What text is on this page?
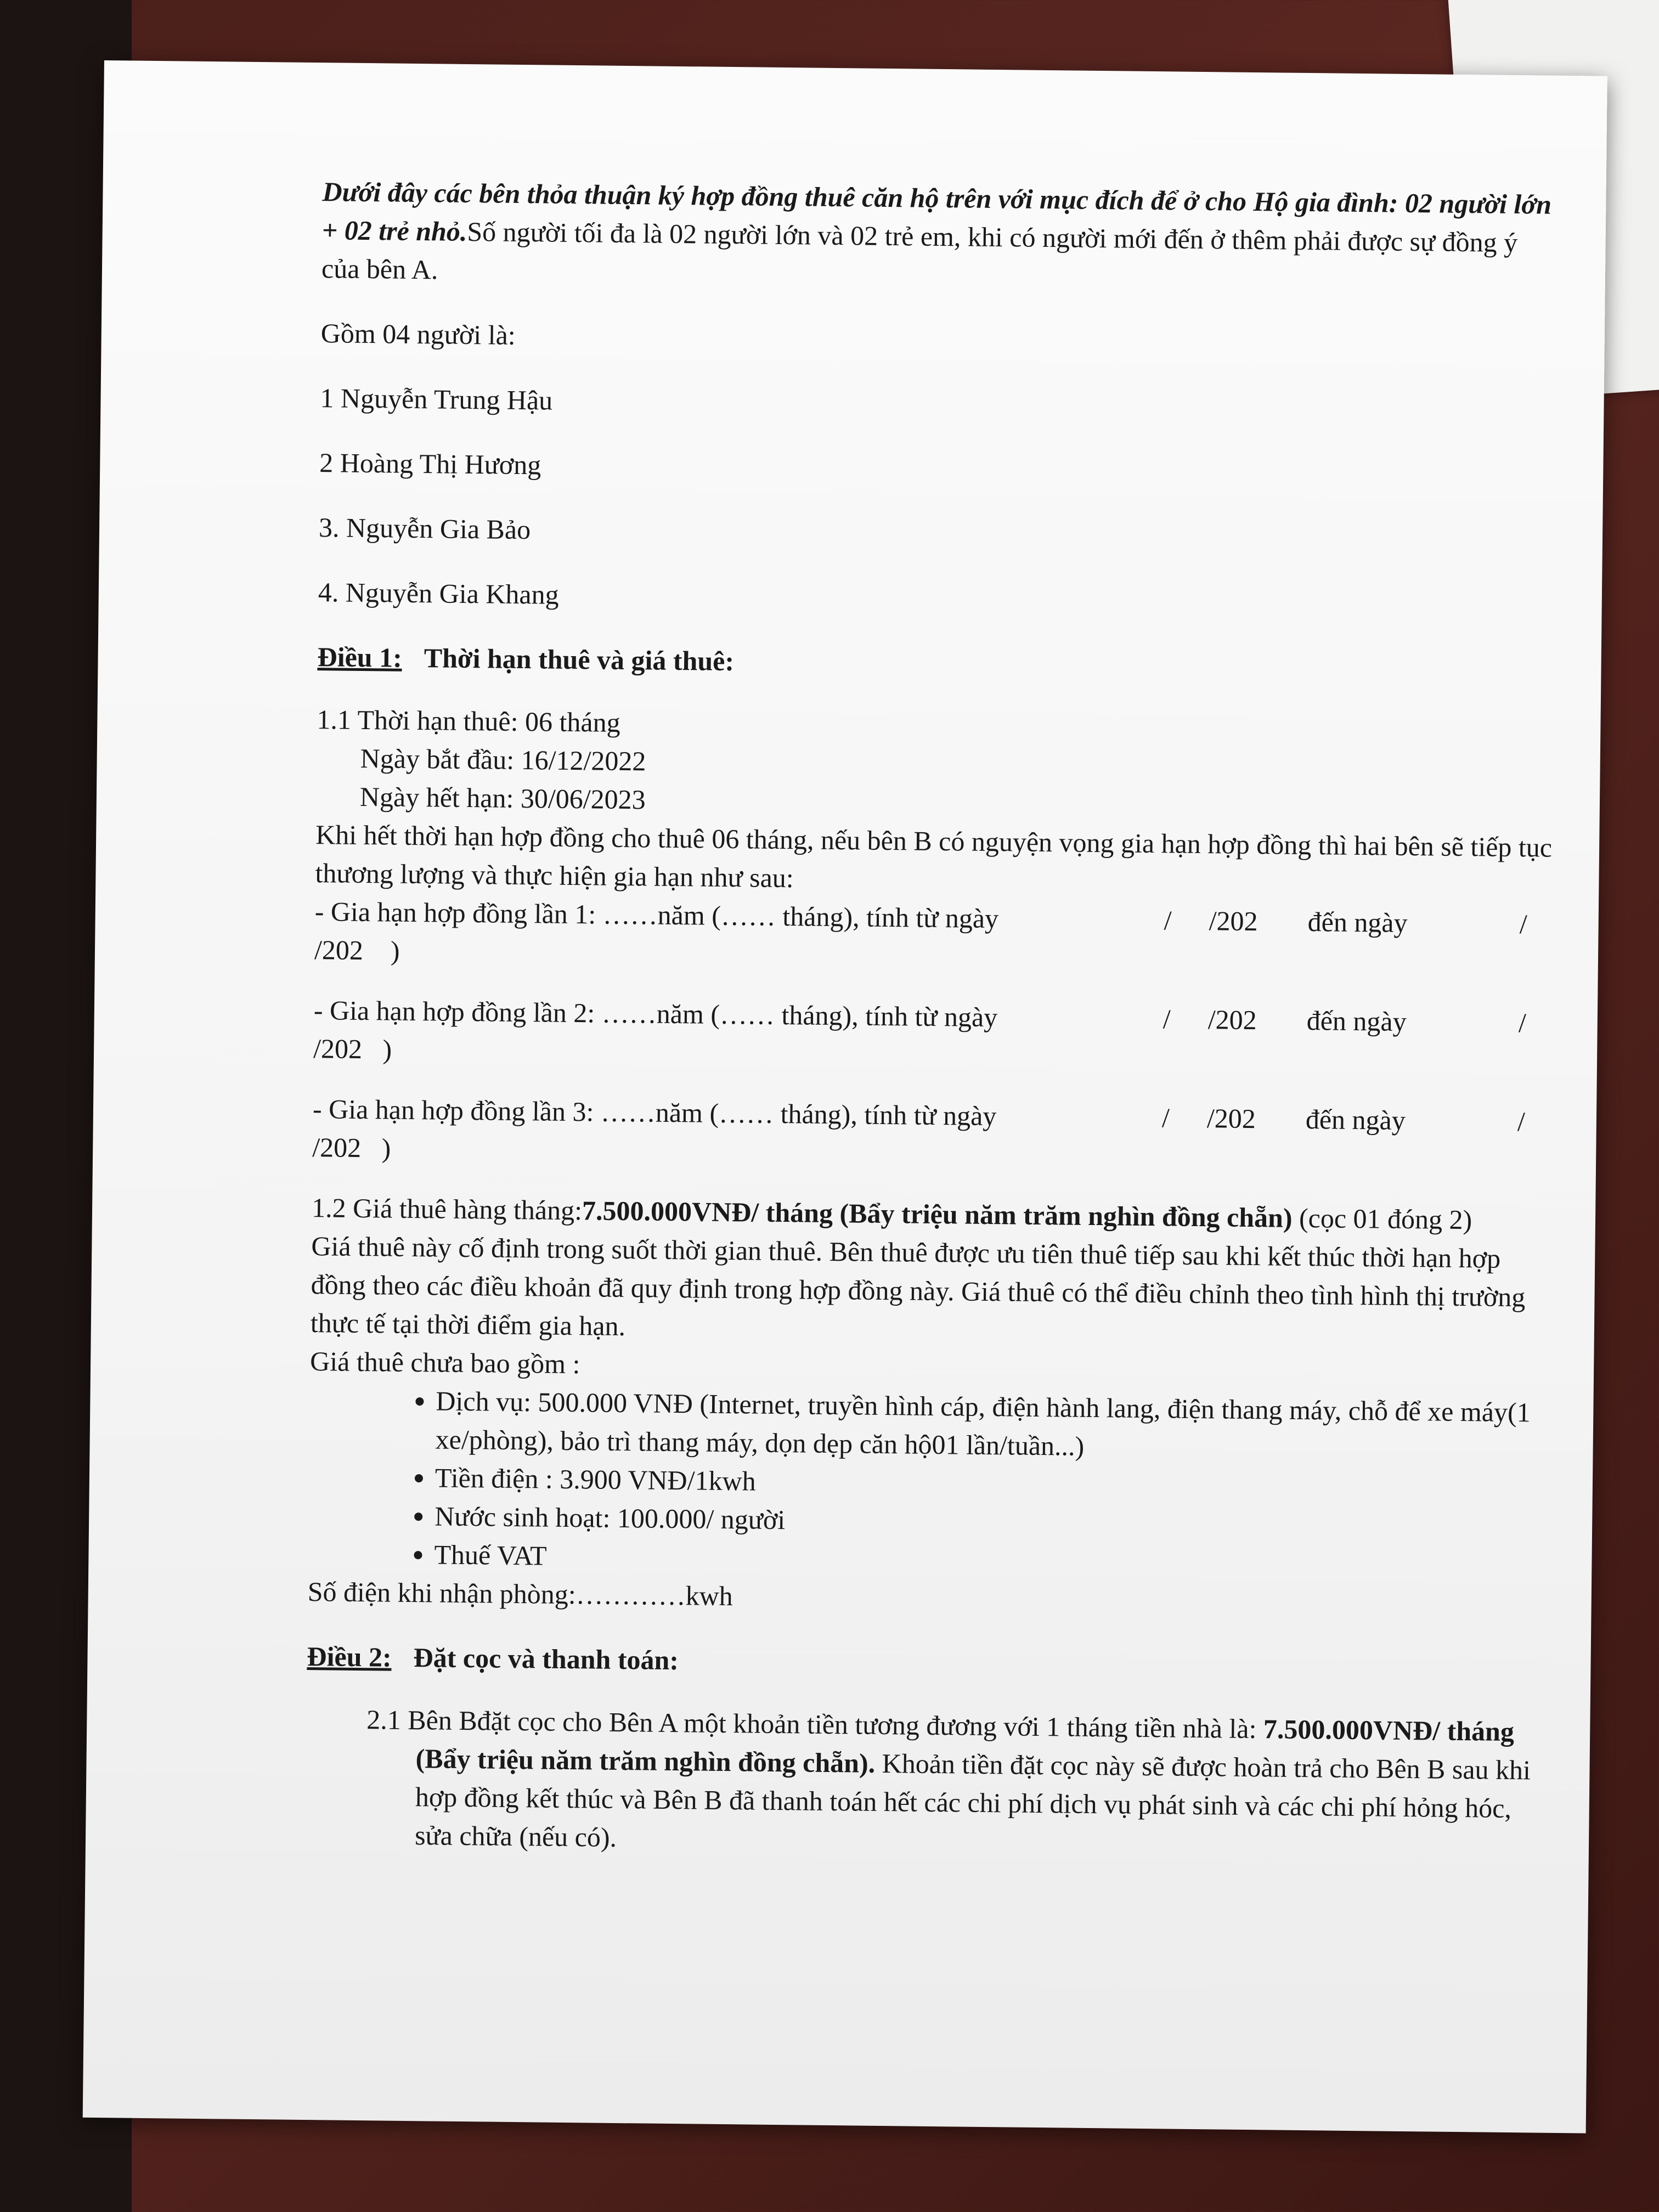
Dưới đây các bên thỏa thuận ký hợp đồng thuê căn hộ trên với mục đích để ở cho Hộ gia đình: 02 người lớn + 02 trẻ nhỏ.Số người tối đa là 02 người lớn và 02 trẻ em, khi có người mới đến ở thêm phải được sự đồng ý của bên A.

Gồm 04 người là:

1 Nguyễn Trung Hậu

2 Hoàng Thị Hương

3. Nguyễn Gia Bảo

4. Nguyễn Gia Khang

Điều 1: Thời hạn thuê và giá thuê:

1.1 Thời hạn thuê: 06 tháng

Ngày bắt đầu: 16/12/2022

Ngày hết hạn: 30/06/2023

Khi hết thời hạn hợp đồng cho thuê 06 tháng, nếu bên B có nguyện vọng gia hạn hợp đồng thì hai bên sẽ tiếp tục thương lượng và thực hiện gia hạn như sau:

- Gia hạn hợp đồng lần 1: ……năm (…… tháng), tính từ ngày	/	/202	đến ngày	/
/202    )
- Gia hạn hợp đồng lần 2: ……năm (…… tháng), tính từ ngày	/	/202	đến ngày	/
/202   )
- Gia hạn hợp đồng lần 3: ……năm (…… tháng), tính từ ngày	/	/202	đến ngày	/
/202   )

1.2 Giá thuê hàng tháng:7.500.000VNĐ/ tháng (Bẩy triệu năm trăm nghìn đồng chẵn) (cọc 01 đóng 2)

Giá thuê này cố định trong suốt thời gian thuê. Bên thuê được ưu tiên thuê tiếp sau khi kết thúc thời hạn hợp đồng theo các điều khoản đã quy định trong hợp đồng này. Giá thuê có thể điều chỉnh theo tình hình thị trường thực tế tại thời điểm gia hạn.

Giá thuê chưa bao gồm :

• Dịch vụ: 500.000 VNĐ (Internet, truyền hình cáp, điện hành lang, điện thang máy, chỗ để xe máy(1 xe/phòng), bảo trì thang máy, dọn dẹp căn hộ01 lần/tuần...)
• Tiền điện : 3.900 VNĐ/1kwh
• Nước sinh hoạt: 100.000/ người
• Thuế VAT

Số điện khi nhận phòng:…………kwh

Điều 2: Đặt cọc và thanh toán:

2.1 Bên Bđặt cọc cho Bên A một khoản tiền tương đương với 1 tháng tiền nhà là: 7.500.000VNĐ/ tháng (Bẩy triệu năm trăm nghìn đồng chẵn). Khoản tiền đặt cọc này sẽ được hoàn trả cho Bên B sau khi hợp đồng kết thúc và Bên B đã thanh toán hết các chi phí dịch vụ phát sinh và các chi phí hỏng hóc, sửa chữa (nếu có).
